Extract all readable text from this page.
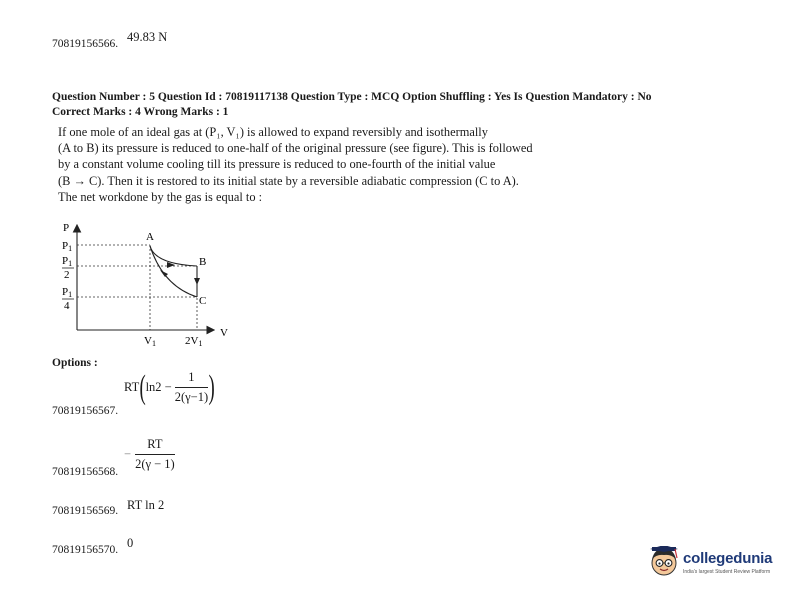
70819156566. 49.83 N
Question Number : 5 Question Id : 70819117138 Question Type : MCQ Option Shuffling : Yes Is Question Mandatory : No
Correct Marks : 4 Wrong Marks : 1

If one mole of an ideal gas at (P₁, V₁) is allowed to expand reversibly and isothermally

(A to B) its pressure is reduced to one-half of the original pressure (see figure). This is followed

by a constant volume cooling till its pressure is reduced to one-fourth of the initial value

(B → C). Then it is restored to its initial state by a reversible adiabatic compression (C to A).

The net workdone by the gas is equal to :

P
V
P1
P1
2
P1
4
A
B
C
V1	2V1
Options :
70819156567.
RT ( $\ln 2 - \frac{1}{2(\gamma-1)}$ )
70819156568.
− $\frac{RT}{2(\gamma - 1)}$
70819156569. RT ln 2
70819156570. 0
collegedunia
India's largest Student Review Platform
